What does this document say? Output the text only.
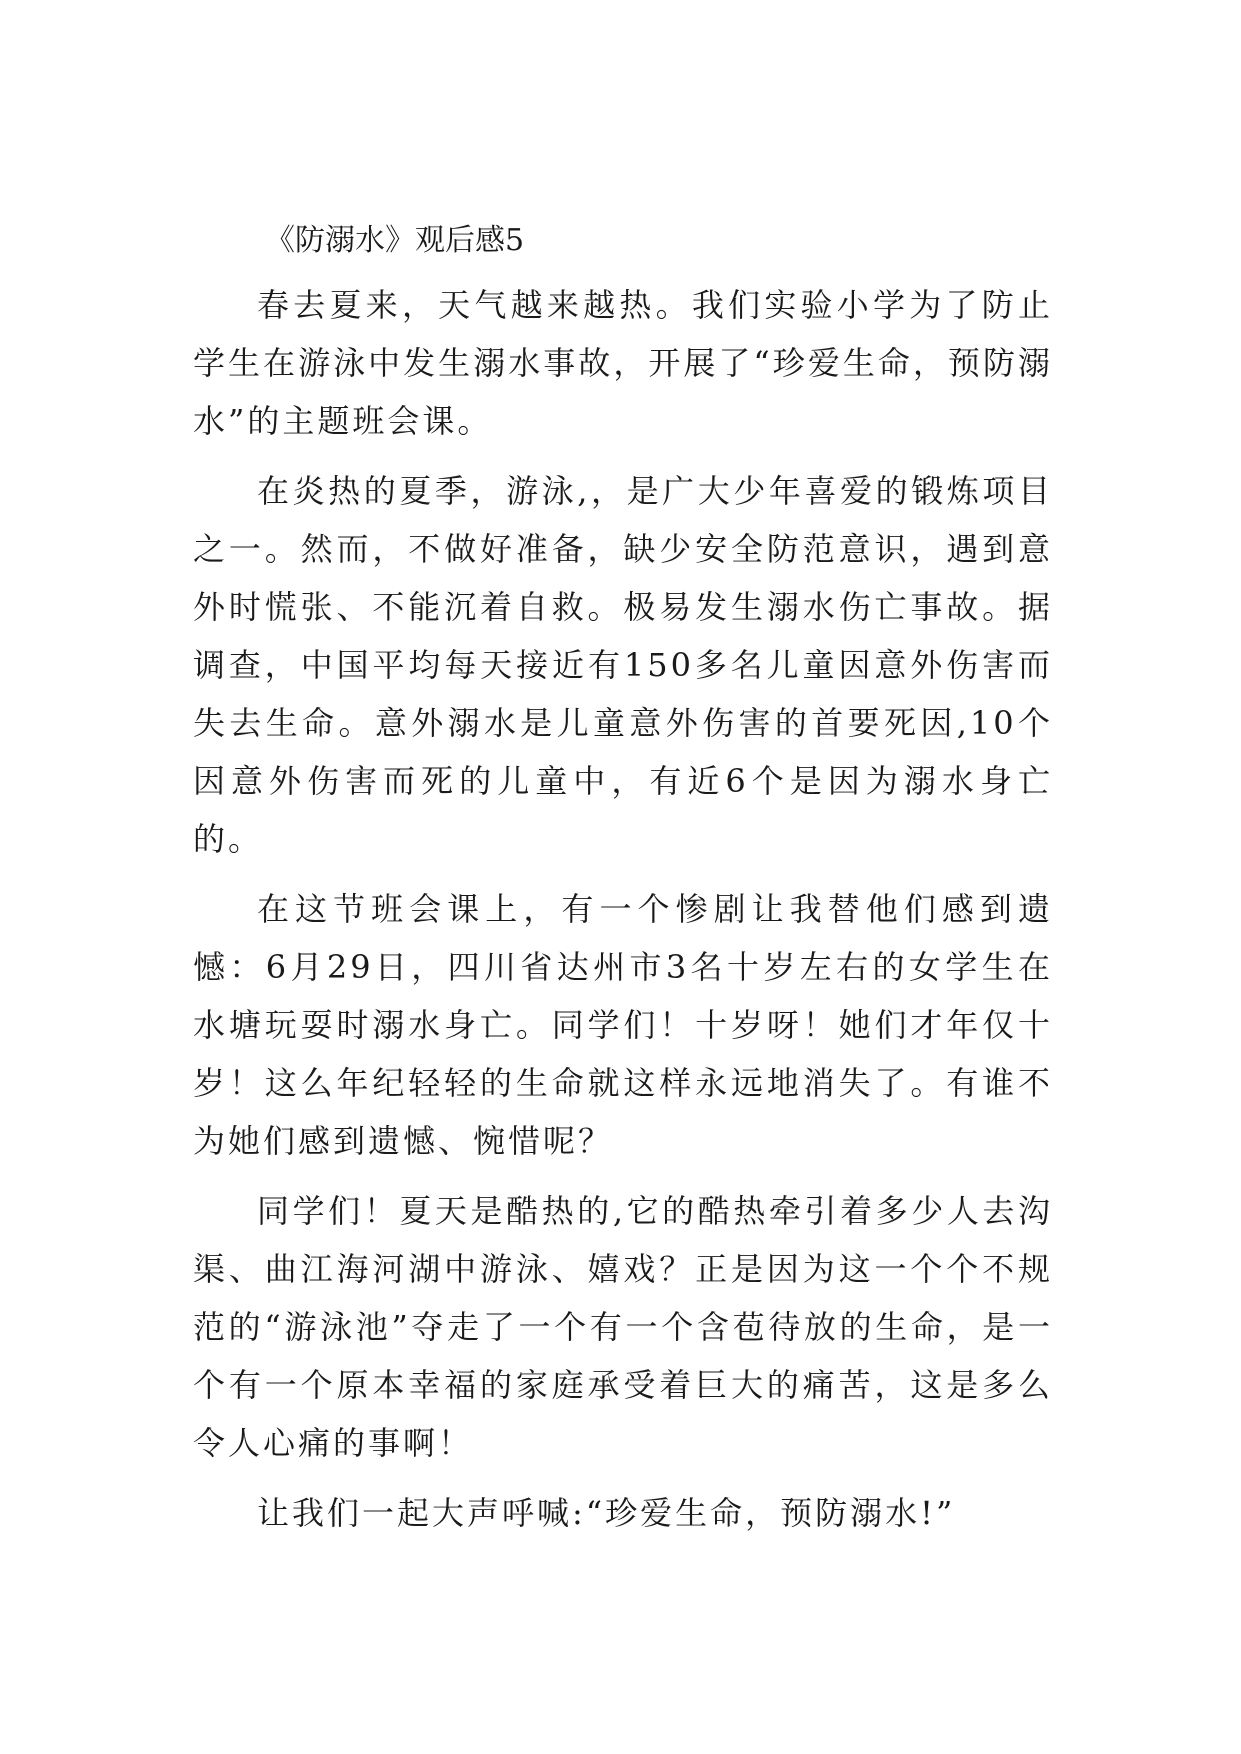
《防溺水》观后感5

春去夏来，天气越来越热。我们实验小学为了防止学生在游泳中发生溺水事故，开展了“珍爱生命，预防溺水”的主题班会课。

在炎热的夏季，游泳,，是广大少年喜爱的锻炼项目之一。然而，不做好准备，缺少安全防范意识，遇到意外时慌张、不能沉着自救。极易发生溺水伤亡事故。据调查，中国平均每天接近有150多名儿童因意外伤害而失去生命。意外溺水是儿童意外伤害的首要死因,10个因意外伤害而死的儿童中，有近6个是因为溺水身亡的。

在这节班会课上，有一个惨剧让我替他们感到遗憾：6月29日，四川省达州市3名十岁左右的女学生在水塘玩耍时溺水身亡。同学们！十岁呀！她们才年仅十岁！这么年纪轻轻的生命就这样永远地消失了。有谁不为她们感到遗憾、惋惜呢？

同学们！夏天是酷热的,它的酷热牵引着多少人去沟渠、曲江海河湖中游泳、嬉戏？正是因为这一个个不规范的“游泳池”夺走了一个有一个含苞待放的生命，是一个有一个原本幸福的家庭承受着巨大的痛苦，这是多么令人心痛的事啊！

让我们一起大声呼喊:“珍爱生命，预防溺水!”
